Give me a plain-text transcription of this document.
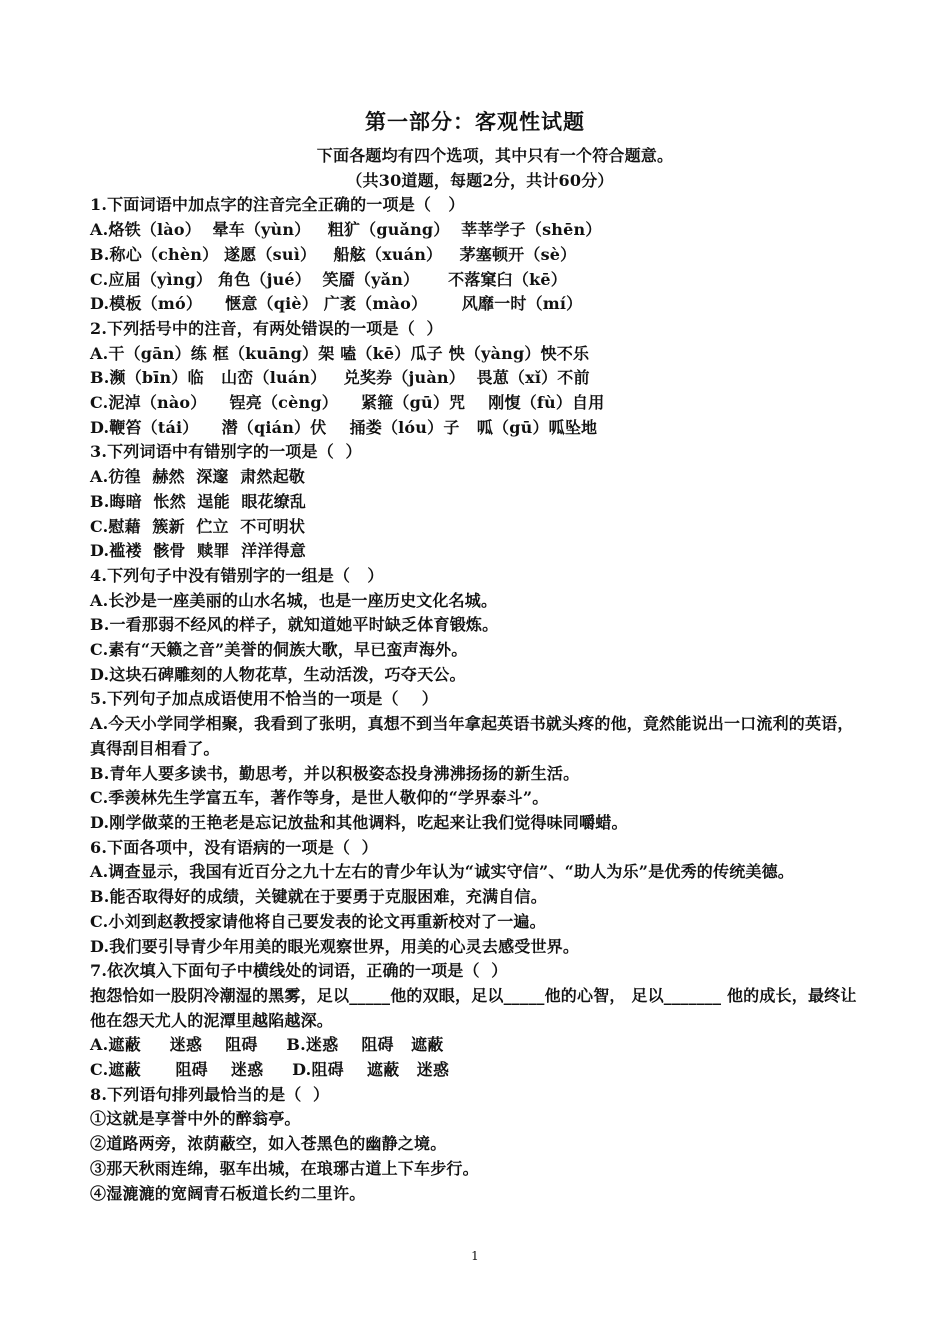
第一部分：客观性试题
下面各题均有四个选项，其中只有一个符合题意。
（共30道题，每题2分，共计60分）
1.下面词语中加点字的注音完全正确的一项是（   ）
A.烙铁（lào）  晕车（yùn）   粗犷（guǎng）  莘莘学子（shēn）
B.称心（chèn） 遂愿（suì）   船舷（xuán）   茅塞顿开（sè）
C.应届（yìng） 角色（jué）  笑靥（yǎn）     不落窠臼（kē）
D.模板（mó）    惬意（qiè） 广袤（mào）      风靡一时（mí）
2.下列括号中的注音，有两处错误的一项是（  ）
A.干（gān）练 框（kuāng）架 嗑（kē）瓜子 怏（yàng）怏不乐
B.濒（bīn）临   山峦（luán）   兑奖券（juàn）  畏葸（xǐ）不前
C.泥淖（nào）    锃亮（cèng）    紧箍（gū）咒    刚愎（fù）自用
D.鞭笞（tái）    潜（qián）伏    捅娄（lóu）子   呱（gū）呱坠地
3.下列词语中有错别字的一项是（  ）
A.彷徨  赫然  深邃  肃然起敬
B.晦暗  怅然  逞能  眼花缭乱
C.慰藉  簇新  伫立  不可明状
D.褴褛  骸骨  赎罪  洋洋得意
4.下列句子中没有错别字的一组是（   ）
A.长沙是一座美丽的山水名城，也是一座历史文化名城。
B.一看那弱不经风的样子，就知道她平时缺乏体育锻炼。
C.素有“天籁之音”美誉的侗族大歌，早已蛮声海外。
D.这块石碑雕刻的人物花草，生动活泼，巧夺天公。
5.下列句子加点成语使用不恰当的一项是（    ）
A.今天小学同学相聚，我看到了张明，真想不到当年拿起英语书就头疼的他，竟然能说出一口流利的英语，真得刮目相看了。
B.青年人要多读书，勤思考，并以积极姿态投身沸沸扬扬的新生活。
C.季羡林先生学富五车，著作等身，是世人敬仰的“学界泰斗”。
D.刚学做菜的王艳老是忘记放盐和其他调料，吃起来让我们觉得味同嚼蜡。
6.下面各项中，没有语病的一项是（  ）
A.调查显示，我国有近百分之九十左右的青少年认为“诚实守信”、“助人为乐”是优秀的传统美德。
B.能否取得好的成绩，关键就在于要勇于克服困难，充满自信。
C.小刘到赵教授家请他将自己要发表的论文再重新校对了一遍。
D.我们要引导青少年用美的眼光观察世界，用美的心灵去感受世界。
7.依次填入下面句子中横线处的词语，正确的一项是（  ）
抱怨恰如一股阴冷潮湿的黑雾，足以_____他的双眼，足以_____他的心智， 足以_______ 他的成长，最终让他在怨天尤人的泥潭里越陷越深。
A.遮蔽     迷惑    阻碍     B.迷惑    阻碍   遮蔽
C.遮蔽      阻碍    迷惑     D.阻碍    遮蔽   迷惑
8.下列语句排列最恰当的是（  ）
①这就是享誉中外的醉翁亭。
②道路两旁，浓荫蔽空，如入苍黑色的幽静之境。
③那天秋雨连绵，驱车出城，在琅琊古道上下车步行。
④湿漉漉的宽阔青石板道长约二里许。
1
